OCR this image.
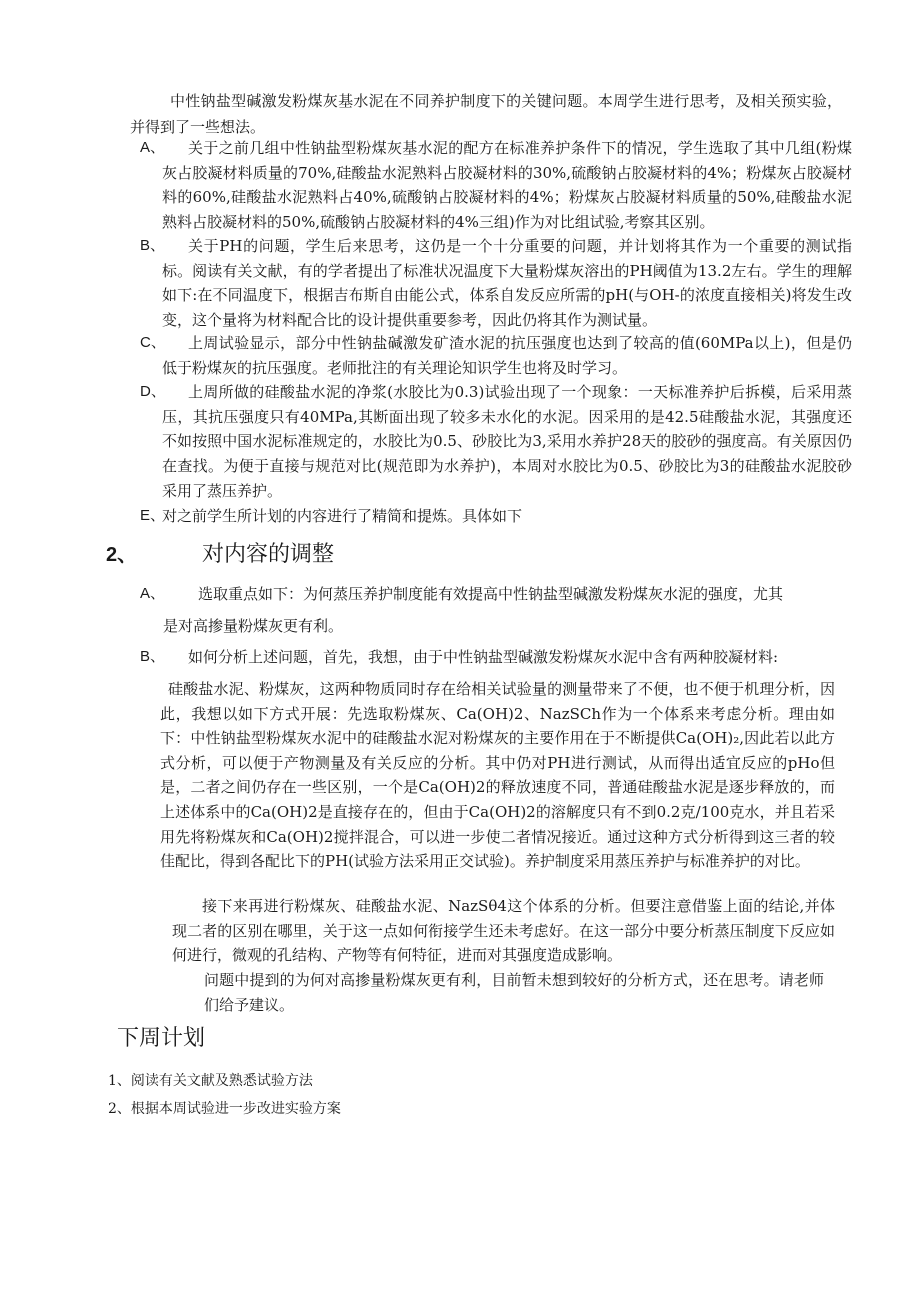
中性钠盐型碱激发粉煤灰基水泥在不同养护制度下的关键问题。本周学生进行思考，及相关预实验，并得到了一些想法。
A、	关于之前几组中性钠盐型粉煤灰基水泥的配方在标准养护条件下的情况，学生选取了其中几组(粉煤灰占胶凝材料质量的70%,硅酸盐水泥熟料占胶凝材料的30%,硫酸钠占胶凝材料的4%；粉煤灰占胶凝材料的60%,硅酸盐水泥熟料占40%,硫酸钠占胶凝材料的4%；粉煤灰占胶凝材料质量的50%,硅酸盐水泥熟料占胶凝材料的50%,硫酸钠占胶凝材料的4%三组)作为对比组试验,考察其区别。
B、	关于PH的问题，学生后来思考，这仍是一个十分重要的问题，并计划将其作为一个重要的测试指标。阅读有关文献，有的学者提出了标准状况温度下大量粉煤灰溶出的PH阈值为13.2左右。学生的理解如下:在不同温度下，根据吉布斯自由能公式，体系自发反应所需的pH(与OH-的浓度直接相关)将发生改变，这个量将为材料配合比的设计提供重要参考，因此仍将其作为测试量。
C、	上周试验显示，部分中性钠盐碱激发矿渣水泥的抗压强度也达到了较高的值(60MPa以上)，但是仍低于粉煤灰的抗压强度。老师批注的有关理论知识学生也将及时学习。
D、	上周所做的硅酸盐水泥的净浆(水胶比为0.3)试验出现了一个现象：一天标准养护后拆模，后采用蒸压，其抗压强度只有40MPa,其断面出现了较多未水化的水泥。因采用的是42.5硅酸盐水泥，其强度还不如按照中国水泥标准规定的，水胶比为0.5、砂胶比为3,采用水养护28天的胶砂的强度高。有关原因仍在查找。为便于直接与规范对比(规范即为水养护)，本周对水胶比为0.5、砂胶比为3的硅酸盐水泥胶砂采用了蒸压养护。
E、
对之前学生所计划的内容进行了精简和提炼。具体如下
2、	对内容的调整
A、 选取重点如下：为何蒸压养护制度能有效提高中性钠盐型碱激发粉煤灰水泥的强度，尤其
是对高掺量粉煤灰更有利。
B、 如何分析上述问题，首先，我想，由于中性钠盐型碱激发粉煤灰水泥中含有两种胶凝材料:
硅酸盐水泥、粉煤灰，这两种物质同时存在给相关试验量的测量带来了不便，也不便于机理分析，因此，我想以如下方式开展：先选取粉煤灰、Ca(OH)2、NazSCh作为一个体系来考虑分析。理由如下：中性钠盐型粉煤灰水泥中的硅酸盐水泥对粉煤灰的主要作用在于不断提供Ca(OH)₂,因此若以此方式分析，可以便于产物测量及有关反应的分析。其中仍对PH进行测试，从而得出适宜反应的pHo但是，二者之间仍存在一些区别，一个是Ca(OH)2的释放速度不同，普通硅酸盐水泥是逐步释放的，而上述体系中的Ca(OH)2是直接存在的，但由于Ca(OH)2的溶解度只有不到0.2克/100克水，并且若采用先将粉煤灰和Ca(OH)2搅拌混合，可以进一步使二者情况接近。通过这种方式分析得到这三者的较佳配比，得到各配比下的PH(试验方法采用正交试验)。养护制度采用蒸压养护与标准养护的对比。
接下来再进行粉煤灰、硅酸盐水泥、NazSθ4这个体系的分析。但要注意借鉴上面的结论,并体现二者的区别在哪里，关于这一点如何衔接学生还未考虑好。在这一部分中要分析蒸压制度下反应如何进行，微观的孔结构、产物等有何特征，进而对其强度造成影响。
问题中提到的为何对高掺量粉煤灰更有利，目前暂未想到较好的分析方式，还在思考。请老师们给予建议。
下周计划
1、阅读有关文献及熟悉试验方法
2、根据本周试验进一步改进实验方案
